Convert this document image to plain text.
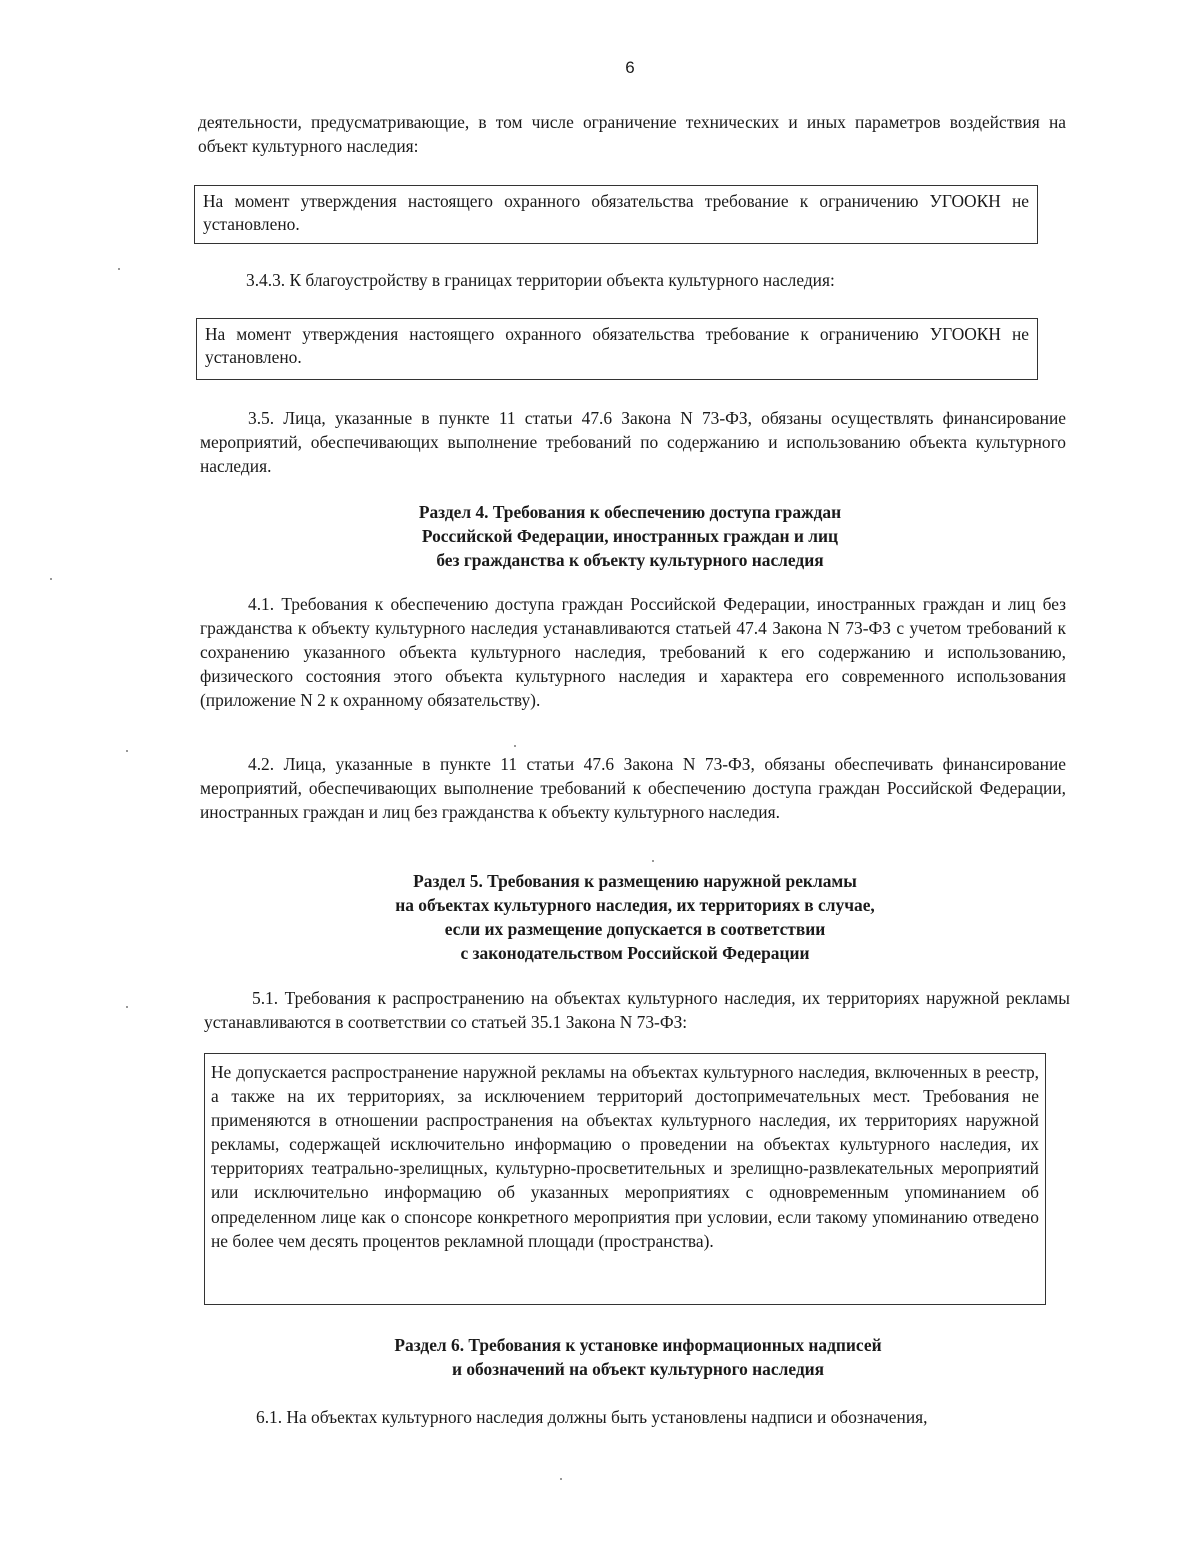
6
деятельности, предусматривающие, в том числе ограничение технических и иных параметров воздействия на объект культурного наследия:
На момент утверждения настоящего охранного обязательства требование к ограничению УГООКН не установлено.
3.4.3. К благоустройству в границах территории объекта культурного наследия:
На момент утверждения настоящего охранного обязательства требование к ограничению УГООКН не установлено.
3.5. Лица, указанные в пункте 11 статьи 47.6 Закона N 73-ФЗ, обязаны осуществлять финансирование мероприятий, обеспечивающих выполнение требований по содержанию и использованию объекта культурного наследия.
Раздел 4. Требования к обеспечению доступа граждан
Российской Федерации, иностранных граждан и лиц
без гражданства к объекту культурного наследия
4.1. Требования к обеспечению доступа граждан Российской Федерации, иностранных граждан и лиц без гражданства к объекту культурного наследия устанавливаются статьей 47.4 Закона N 73-ФЗ с учетом требований к сохранению указанного объекта культурного наследия, требований к его содержанию и использованию, физического состояния этого объекта культурного наследия и характера его современного использования (приложение N 2 к охранному обязательству).
4.2. Лица, указанные в пункте 11 статьи 47.6 Закона N 73-ФЗ, обязаны обеспечивать финансирование мероприятий, обеспечивающих выполнение требований к обеспечению доступа граждан Российской Федерации, иностранных граждан и лиц без гражданства к объекту культурного наследия.
Раздел 5. Требования к размещению наружной рекламы
на объектах культурного наследия, их территориях в случае,
если их размещение допускается в соответствии
с законодательством Российской Федерации
5.1. Требования к распространению на объектах культурного наследия, их территориях наружной рекламы устанавливаются в соответствии со статьей 35.1 Закона N 73-ФЗ:
Не допускается распространение наружной рекламы на объектах культурного наследия, включенных в реестр, а также на их территориях, за исключением территорий достопримечательных мест. Требования не применяются в отношении распространения на объектах культурного наследия, их территориях наружной рекламы, содержащей исключительно информацию о проведении на объектах культурного наследия, их территориях театрально-зрелищных, культурно-просветительных и зрелищно-развлекательных мероприятий или исключительно информацию об указанных мероприятиях с одновременным упоминанием об определенном лице как о спонсоре конкретного мероприятия при условии, если такому упоминанию отведено не более чем десять процентов рекламной площади (пространства).
Раздел 6. Требования к установке информационных надписей
и обозначений на объект культурного наследия
6.1. На объектах культурного наследия должны быть установлены надписи и обозначения,
